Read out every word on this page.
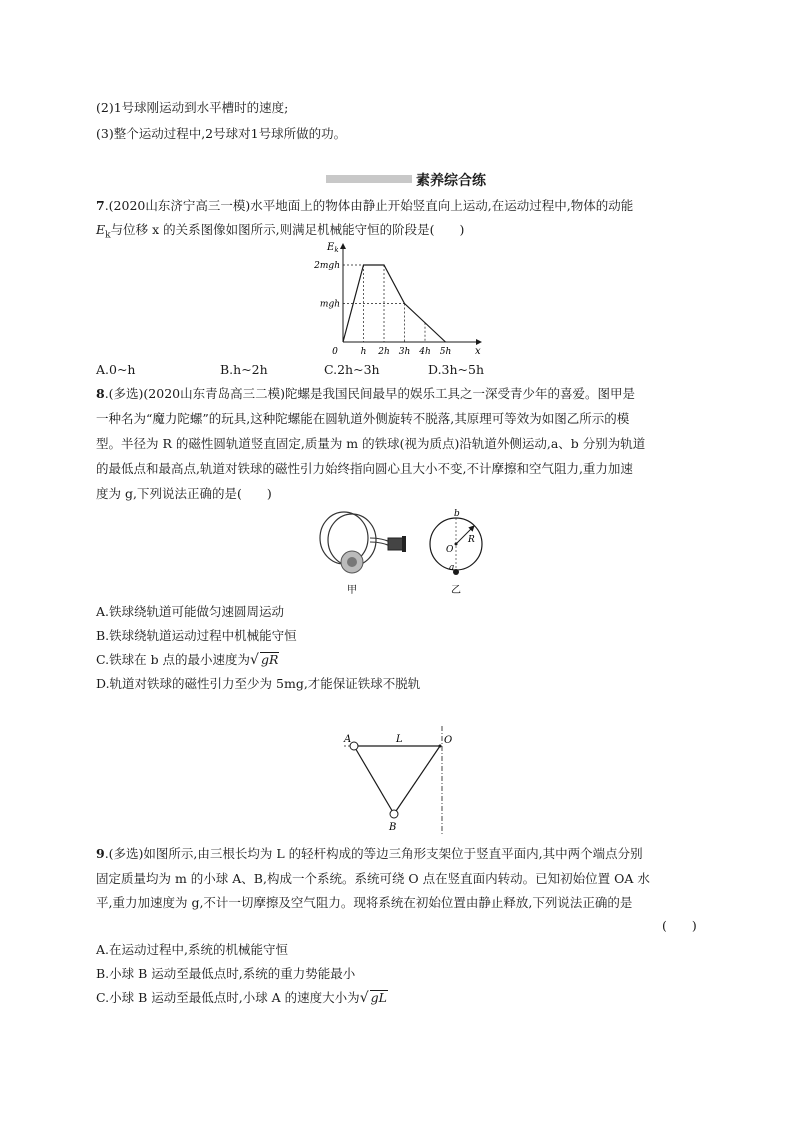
(2)1号球刚运动到水平槽时的速度;
(3)整个运动过程中,2号球对1号球所做的功。
素养综合练
7.(2020山东济宁高三一模)水平地面上的物体由静止开始竖直向上运动,在运动过程中,物体的动能
$E_k$与位移 x 的关系图像如图所示,则满足机械能守恒的阶段是(　　)
0	h 2h 3h 4h 5h
mgh
2mgh
x
$E_k$
A.0~h	B.h~2h	C.2h~3h	D.3h~5h
8.(多选)(2020山东青岛高三二模)陀螺是我国民间最早的娱乐工具之一深受青少年的喜爱。图甲是
一种名为“魔力陀螺”的玩具,这种陀螺能在圆轨道外侧旋转不脱落,其原理可等效为如图乙所示的模
型。半径为 R 的磁性圆轨道竖直固定,质量为 m 的铁球(视为质点)沿轨道外侧运动,a、b 分别为轨道
的最低点和最高点,轨道对铁球的磁性引力始终指向圆心且大小不变,不计摩擦和空气阻力,重力加速
度为 g,下列说法正确的是(　　)
甲
b
O
R
a
乙
A.铁球绕轨道可能做匀速圆周运动
B.铁球绕轨道运动过程中机械能守恒
C.铁球在 b 点的最小速度为√ gR
D.轨道对铁球的磁性引力至少为 5mg,才能保证铁球不脱轨
A	L	O
B
9.(多选)如图所示,由三根长均为 L 的轻杆构成的等边三角形支架位于竖直平面内,其中两个端点分别
固定质量均为 m 的小球 A、B,构成一个系统。系统可绕 O 点在竖直面内转动。已知初始位置 OA 水
平,重力加速度为 g,不计一切摩擦及空气阻力。现将系统在初始位置由静止释放,下列说法正确的是
(　　)
A.在运动过程中,系统的机械能守恒
B.小球 B 运动至最低点时,系统的重力势能最小
C.小球 B 运动至最低点时,小球 A 的速度大小为√ gL
